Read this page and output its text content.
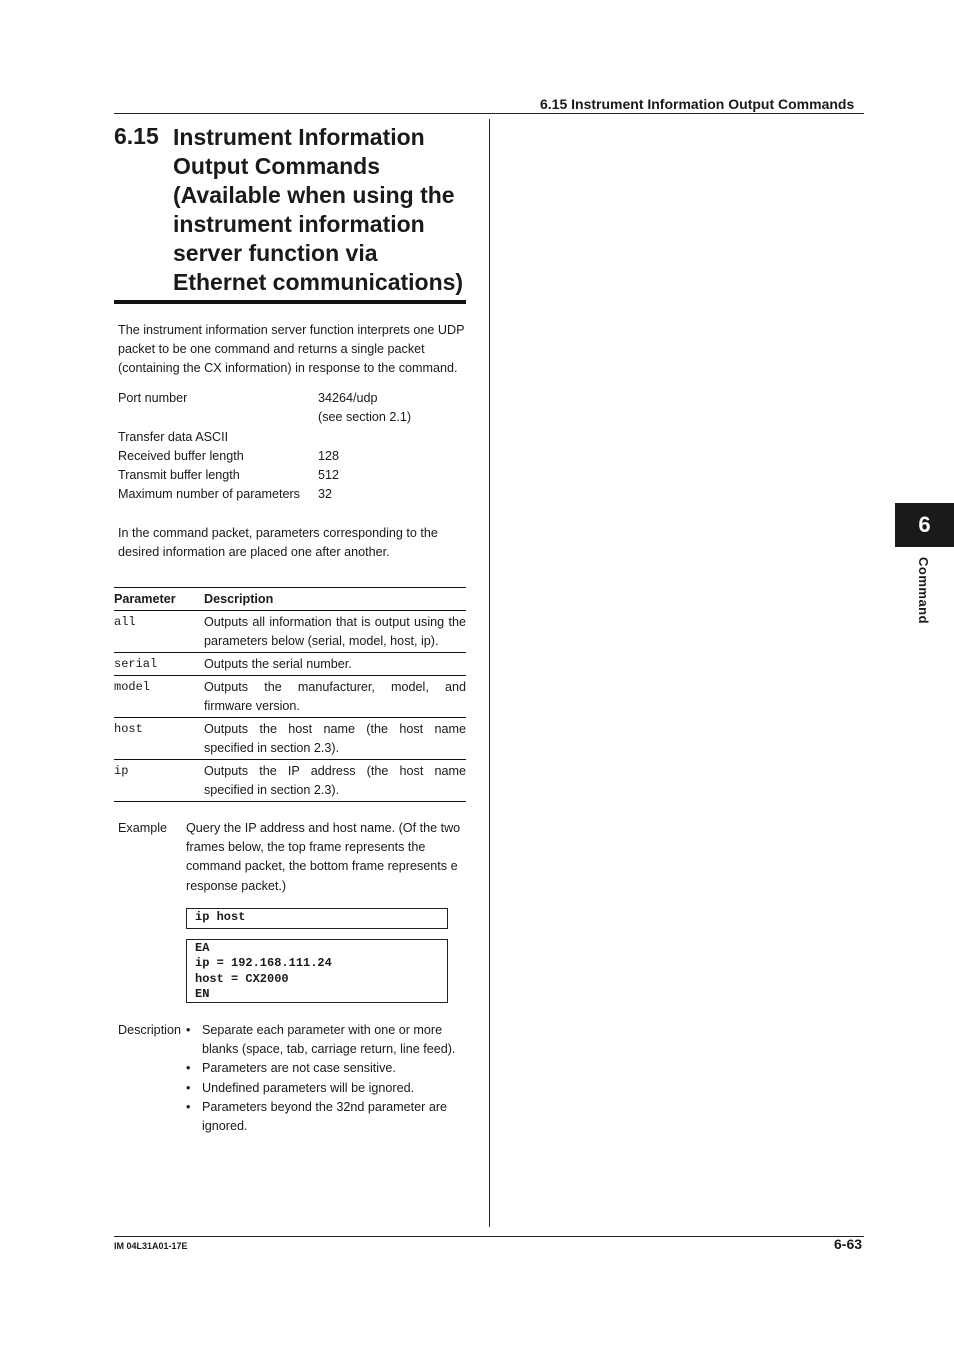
6.15 Instrument Information Output Commands
6.15 Instrument Information Output Commands (Available when using the instrument information server function via Ethernet communications)
The instrument information server function interprets one UDP packet to be one command and returns a single packet (containing the CX information) in response to the command.
Port number	34264/udp
	(see section 2.1)
Transfer data ASCII	
Received buffer length	128
Transmit buffer length	512
Maximum number of parameters	32
In the command packet, parameters corresponding to the desired information are placed one after another.
Parameter	Description
all	Outputs all information that is output using the parameters below (serial, model, host, ip).
serial	Outputs the serial number.
model	Outputs the manufacturer, model, and firmware version.
host	Outputs the host name (the host name specified in section 2.3).
ip	Outputs the IP address (the host name specified in section 2.3).
Example Query the IP address and host name. (Of the two frames below, the top frame represents the command packet, the bottom frame represents e response packet.)
ip host
EA
ip = 192.168.111.24
host = CX2000
EN
Description • Separate each parameter with one or more blanks (space, tab, carriage return, line feed).
• Parameters are not case sensitive.
• Undefined parameters will be ignored.
• Parameters beyond the 32nd parameter are ignored.
6
Command
IM 04L31A01-17E	6-63
